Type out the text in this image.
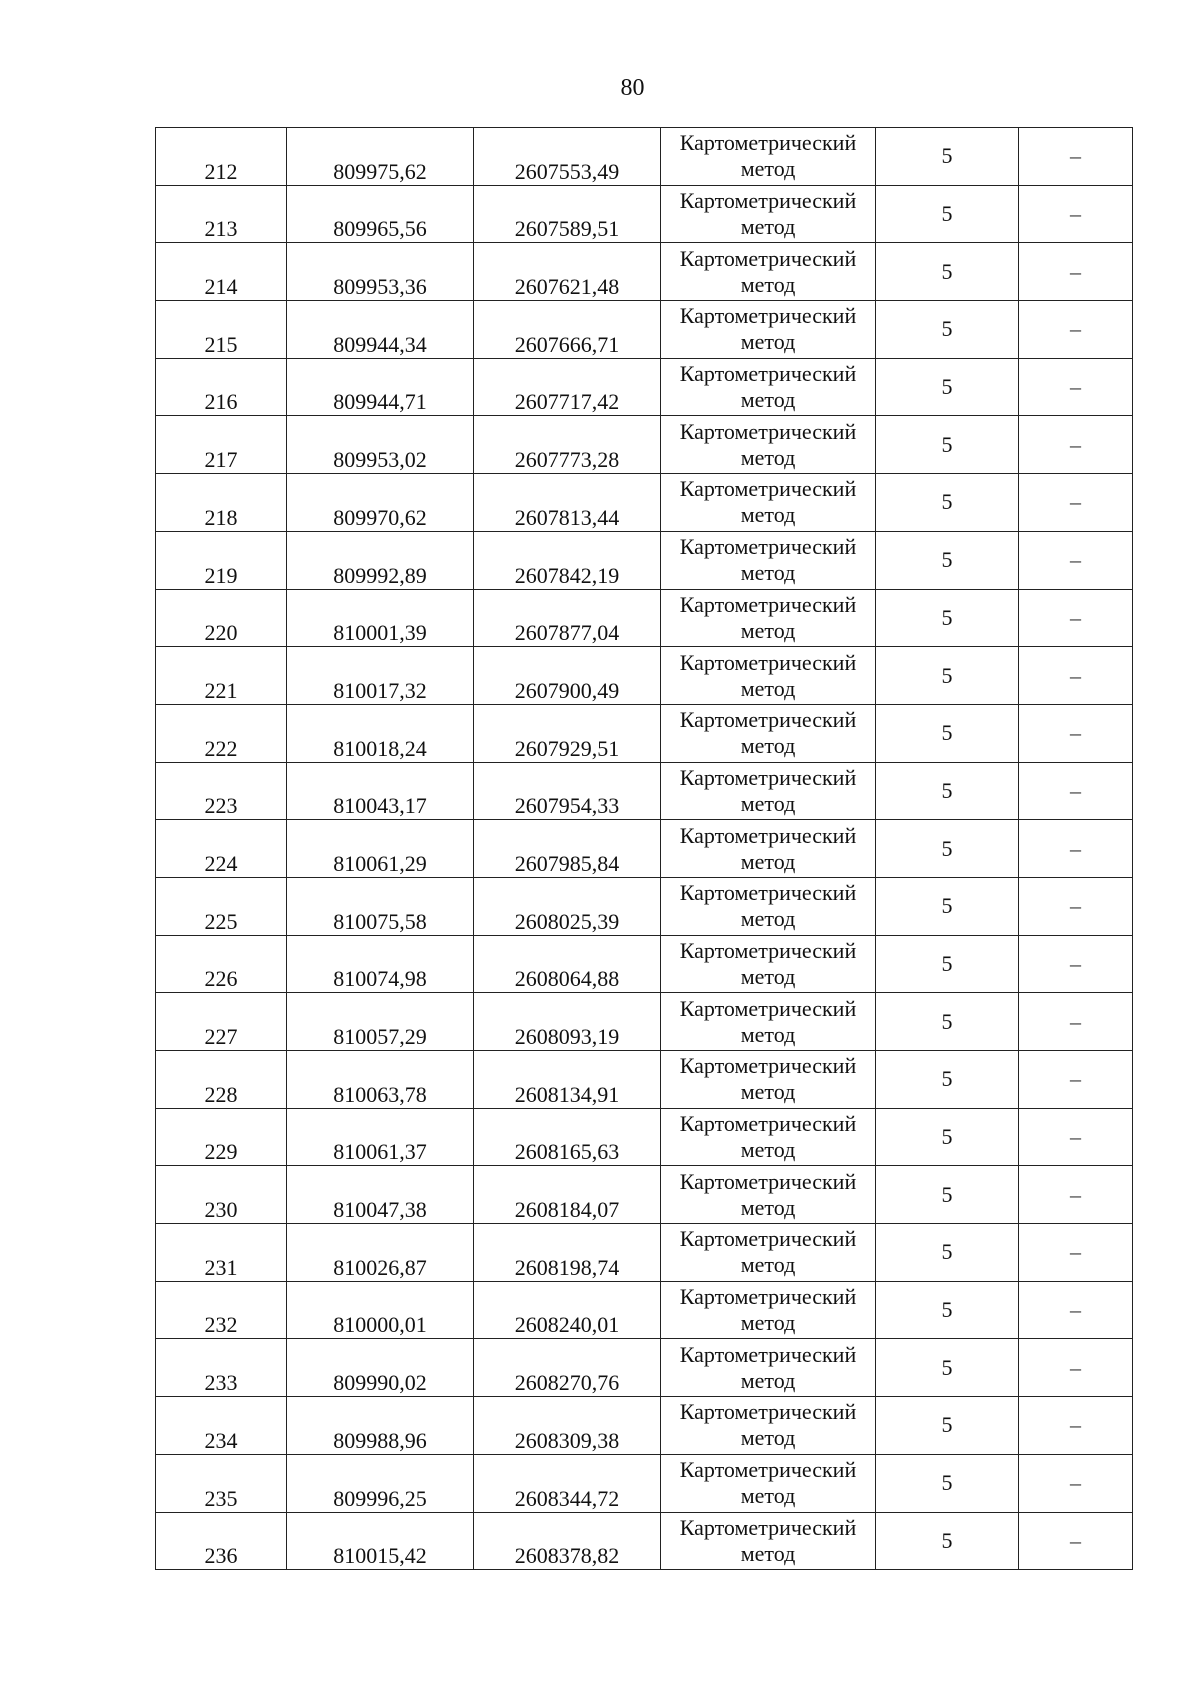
80
212	809975,62	2607553,49	Картометрический
метод	5	–
213	809965,56	2607589,51	Картометрический
метод	5	–
214	809953,36	2607621,48	Картометрический
метод	5	–
215	809944,34	2607666,71	Картометрический
метод	5	–
216	809944,71	2607717,42	Картометрический
метод	5	–
217	809953,02	2607773,28	Картометрический
метод	5	–
218	809970,62	2607813,44	Картометрический
метод	5	–
219	809992,89	2607842,19	Картометрический
метод	5	–
220	810001,39	2607877,04	Картометрический
метод	5	–
221	810017,32	2607900,49	Картометрический
метод	5	–
222	810018,24	2607929,51	Картометрический
метод	5	–
223	810043,17	2607954,33	Картометрический
метод	5	–
224	810061,29	2607985,84	Картометрический
метод	5	–
225	810075,58	2608025,39	Картометрический
метод	5	–
226	810074,98	2608064,88	Картометрический
метод	5	–
227	810057,29	2608093,19	Картометрический
метод	5	–
228	810063,78	2608134,91	Картометрический
метод	5	–
229	810061,37	2608165,63	Картометрический
метод	5	–
230	810047,38	2608184,07	Картометрический
метод	5	–
231	810026,87	2608198,74	Картометрический
метод	5	–
232	810000,01	2608240,01	Картометрический
метод	5	–
233	809990,02	2608270,76	Картометрический
метод	5	–
234	809988,96	2608309,38	Картометрический
метод	5	–
235	809996,25	2608344,72	Картометрический
метод	5	–
236	810015,42	2608378,82	Картометрический
метод	5	–
